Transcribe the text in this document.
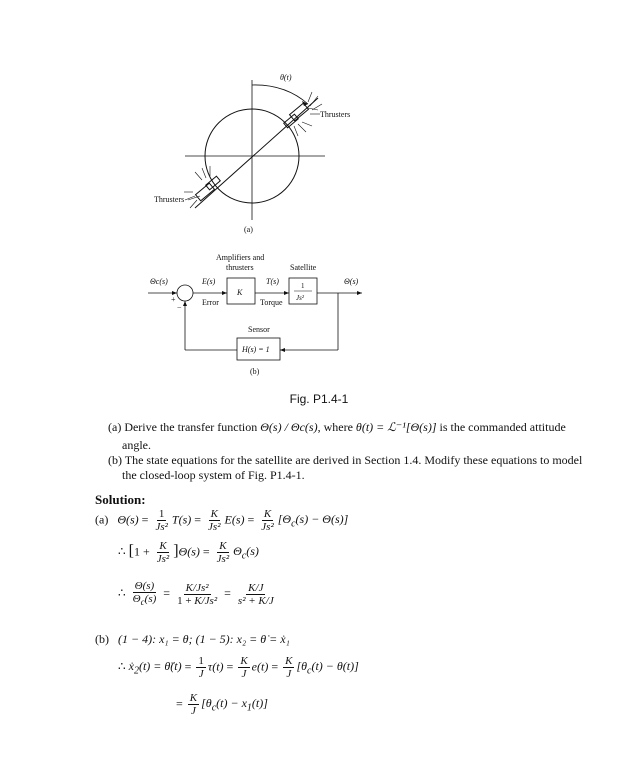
θ(t)
Thrusters
Thrusters
(a)
Θc(s)
+
−
E(s)
Error
Amplifiers and
thrusters
K
T(s)
Torque
Satellite
1
Js²
Θ(s)
Sensor
H(s) = 1
(b)
Fig. P1.4-1
(a) Derive the transfer function Θ(s) / Θc(s), where θ(t) = ℒ⁻¹[Θ(s)] is the commanded attitude
angle.
(b) The state equations for the satellite are derived in Section 1.4. Modify these equations to model
the closed-loop system of Fig. P1.4-1.
Solution:
(a) $\Theta(s) = \frac{1}{\text{Js²}} T(s) = \frac{K}{\text{Js²}} E(s) = \frac{K}{\text{Js²}} [\Theta_c(s) - \Theta(s)]$
∴ $[1 + \frac{K}{\text{Js²}} ]\Theta(s) = \frac{K}{\text{Js²}} \Theta_c(s)$
∴ $\frac{\Theta(s)}{\Theta_c(s)} = \frac{\text{K/Js²}}{\text{1 + K/Js²}} = \frac{K/J}{\text{s² + K/J}}$
(b) (1 − 4): x₁ = θ; (1 − 5): x₂ = θ̇ = ẋ₁
∴ ẋ$_2$(t) = θ̈(t) = $\frac{1}{J} \tau(t) = \frac{K}{J} e(t) = \frac{K}{J} [\theta_c(t) - \theta(t)]$
= $\frac{K}{J} [\theta_c(t) - x_1(t)]$
